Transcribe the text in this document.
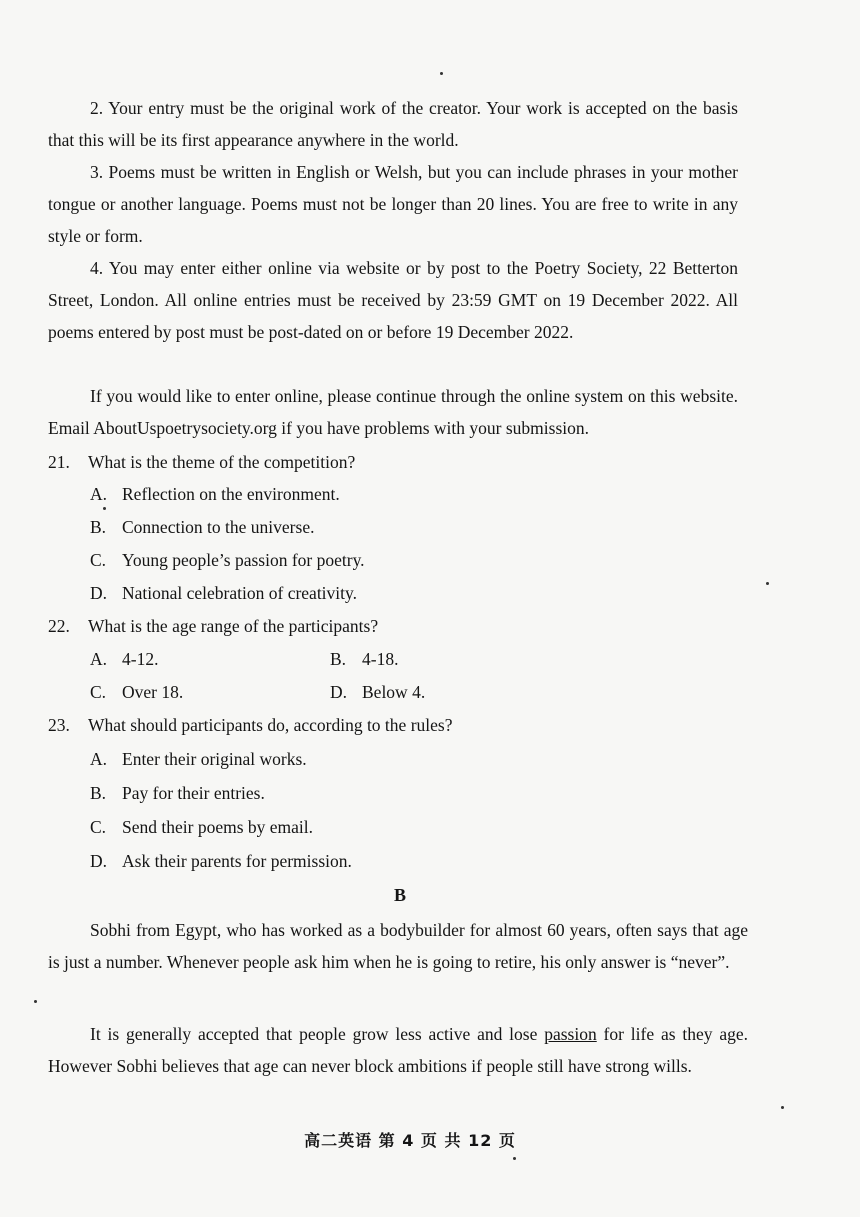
2. Your entry must be the original work of the creator. Your work is accepted on the basis that this will be its first appearance anywhere in the world.

3. Poems must be written in English or Welsh, but you can include phrases in your mother tongue or another language. Poems must not be longer than 20 lines. You are free to write in any style or form.

4. You may enter either online via website or by post to the Poetry Society, 22 Betterton Street, London. All online entries must be received by 23:59 GMT on 19 December 2022. All poems entered by post must be post-dated on or before 19 December 2022.

If you would like to enter online, please continue through the online system on this website. Email AboutUspoetrysociety.org if you have problems with your submission.

21. What is the theme of the competition?
A. Reflection on the environment.
B. Connection to the universe.
C. Young people’s passion for poetry.
D. National celebration of creativity.
22. What is the age range of the participants?
A. 4-12.	B. 4-18.
C. Over 18.	D. Below 4.
23. What should participants do, according to the rules?
A. Enter their original works.
B. Pay for their entries.
C. Send their poems by email.
D. Ask their parents for permission.
B

Sobhi from Egypt, who has worked as a bodybuilder for almost 60 years, often says that age is just a number. Whenever people ask him when he is going to retire, his only answer is “never”.

It is generally accepted that people grow less active and lose passion for life as they age. However Sobhi believes that age can never block ambitions if people still have strong wills.

高二英语 第 4 页 共 12 页
